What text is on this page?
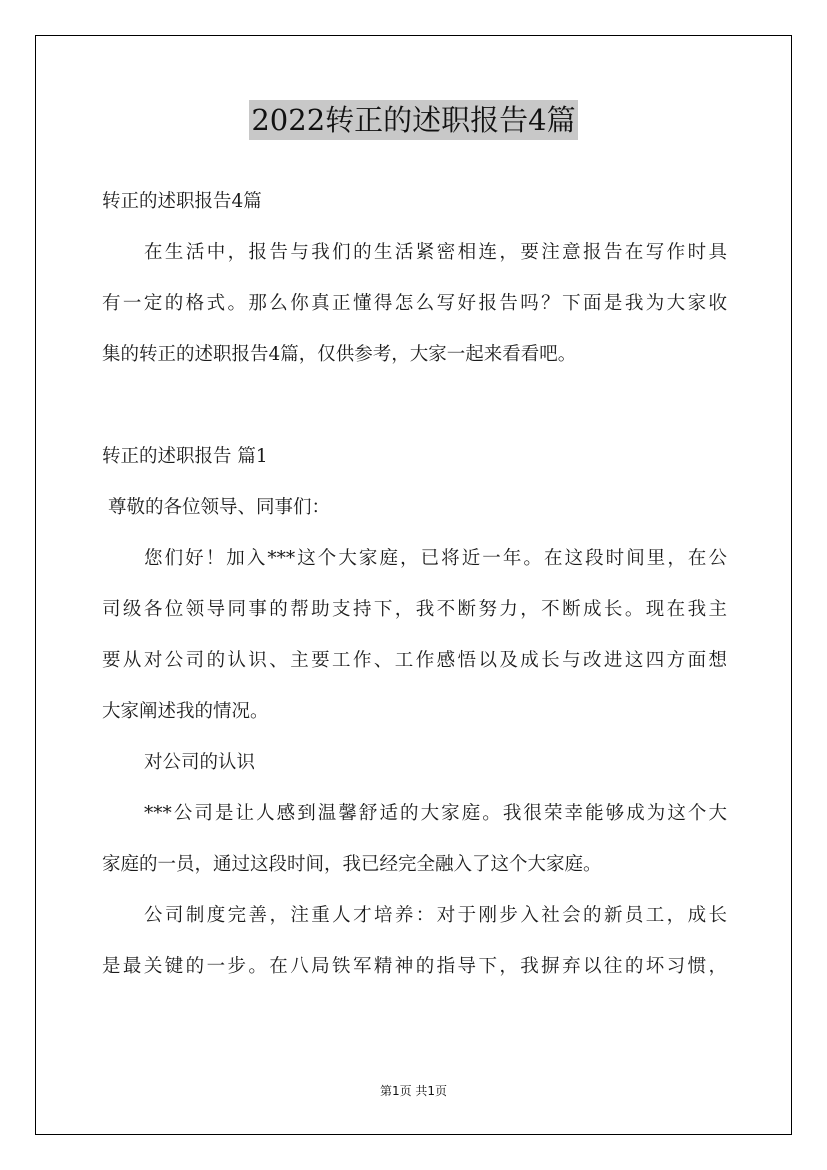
2022转正的述职报告4篇

转正的述职报告4篇

在生活中，报告与我们的生活紧密相连，要注意报告在写作时具

有一定的格式。那么你真正懂得怎么写好报告吗？下面是我为大家收

集的转正的述职报告4篇，仅供参考，大家一起来看看吧。

转正的述职报告 篇1

尊敬的各位领导、同事们：

您们好！加入***这个大家庭，已将近一年。在这段时间里，在公

司级各位领导同事的帮助支持下，我不断努力，不断成长。现在我主

要从对公司的认识、主要工作、工作感悟以及成长与改进这四方面想

大家阐述我的情况。

对公司的认识

***公司是让人感到温馨舒适的大家庭。我很荣幸能够成为这个大

家庭的一员，通过这段时间，我已经完全融入了这个大家庭。

公司制度完善，注重人才培养：对于刚步入社会的新员工，成长

是最关键的一步。在八局铁军精神的指导下，我摒弃以往的坏习惯，

第1页 共1页
